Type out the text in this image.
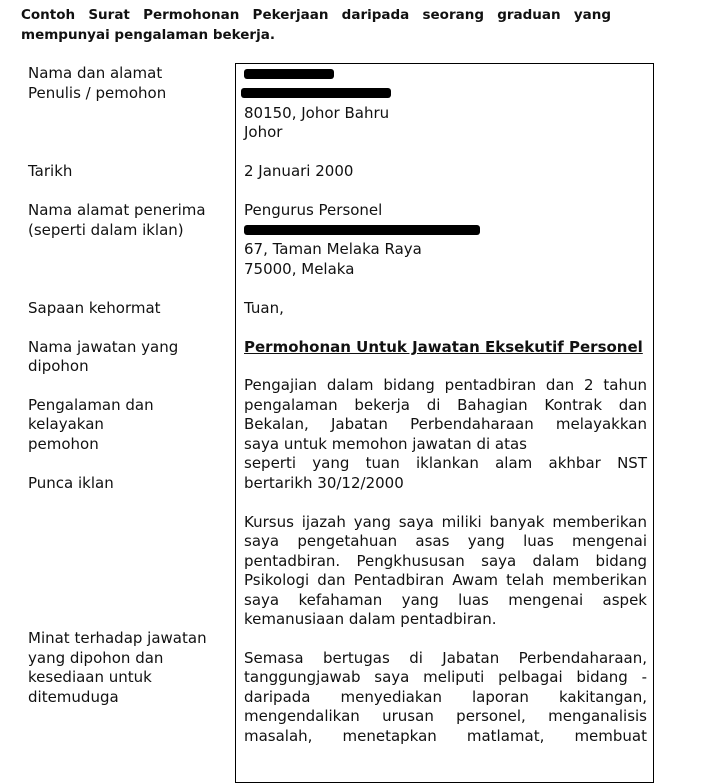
Contoh Surat Permohonan Pekerjaan daripada seorang graduan yang mempunyai pengalaman bekerja.

Nama dan alamat

Penulis / pemohon

Tarikh

Nama alamat penerima

(seperti dalam iklan)

Sapaan kehormat

Nama jawatan yang

dipohon

Pengalaman dan

kelayakan

pemohon

Punca iklan

Minat terhadap jawatan

yang dipohon dan

kesediaan untuk

ditemuduga

80150, Johor Bahru

Johor

2 Januari 2000

Pengurus Personel

67, Taman Melaka Raya

75000, Melaka

Tuan,

Permohonan Untuk Jawatan Eksekutif Personel

Pengajian dalam bidang pentadbiran dan 2 tahun

pengalaman bekerja di Bahagian Kontrak dan

Bekalan, Jabatan Perbendaharaan melayakkan

saya untuk memohon jawatan di atas

seperti yang tuan iklankan alam akhbar NST

bertarikh 30/12/2000

Kursus ijazah yang saya miliki banyak memberikan

saya pengetahuan asas yang luas mengenai

pentadbiran. Pengkhususan saya dalam bidang

Psikologi dan Pentadbiran Awam telah memberikan

saya kefahaman yang luas mengenai aspek

kemanusiaan dalam pentadbiran.

Semasa bertugas di Jabatan Perbendaharaan,

tanggungjawab saya meliputi pelbagai bidang -

daripada menyediakan laporan kakitangan,

mengendalikan urusan personel, menganalisis

masalah, menetapkan matlamat, membuat
